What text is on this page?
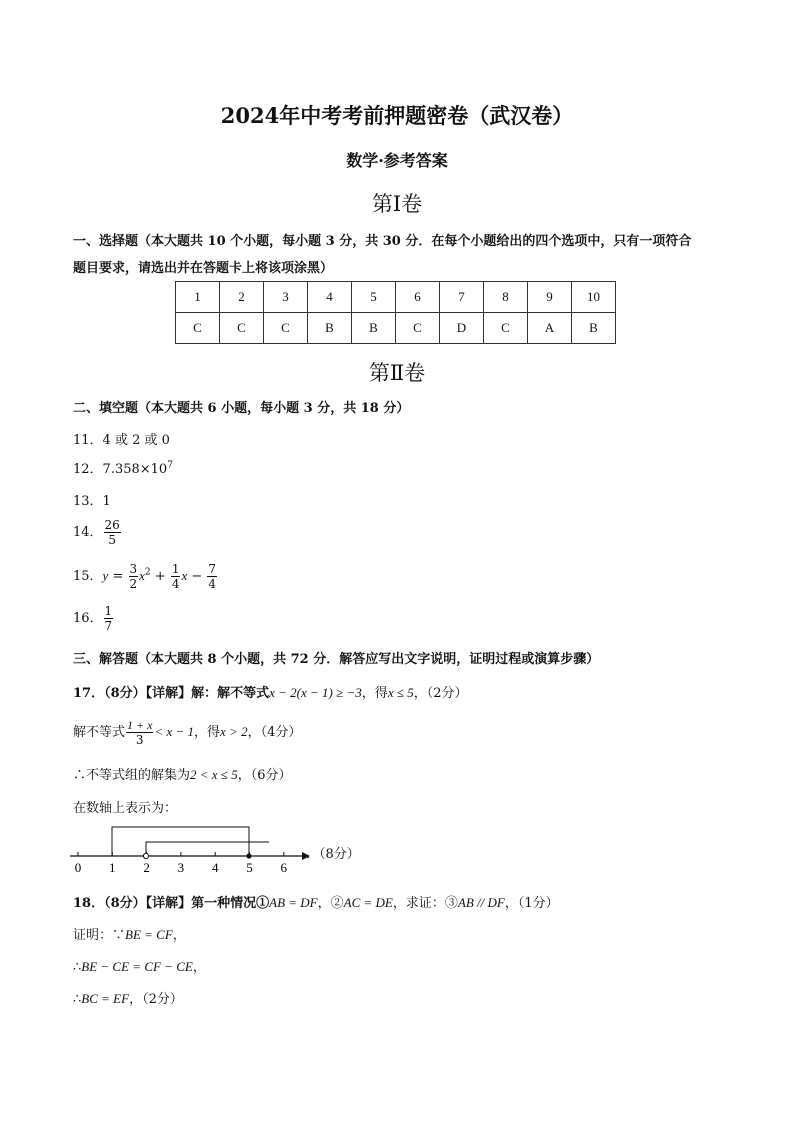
2024年中考考前押题密卷（武汉卷）
数学·参考答案
第Ⅰ卷
一、选择题（本大题共 10 个小题，每小题 3 分，共 30 分．在每个小题给出的四个选项中，只有一项符合
题目要求，请选出并在答题卡上将该项涂黑）
1	2	3	4	5	6	7	8	9	10
C	C	C	B	B	C	D	C	A	B
第Ⅱ卷
二、填空题（本大题共 6 小题，每小题 3 分，共 18 分）
11．4 或 2 或 0
12．$7.358\times 10^7$
13．1
14． $\frac{26}{5}$
15．$y = \frac{3}{2} x^2 + \frac{1}{4}$ $x - \frac{7}{4}$
16． $\frac{1}{7}$
三、解答题（本大题共 8 个小题，共 72 分．解答应写出文字说明，证明过程或演算步骤）
17．（8分）【详解】解：解不等式x − 2(x − 1) ≥ −3，得x ≤ 5，（2分）
解不等式 $\frac{1 + x}{3} < x - 1$，得x > 2，（4分）
∴不等式组的解集为2 < x ≤ 5，（6分）
在数轴上表示为：
0 1 2 3 4 5 6
．（8分）
18．（8分）【详解】第一种情况①AB = DF，②AC = DE，求证：③AB // DF，（1分）
证明：∵BE = CF，
∴BE − CE = CF − CE，
∴BC = EF，（2分）
